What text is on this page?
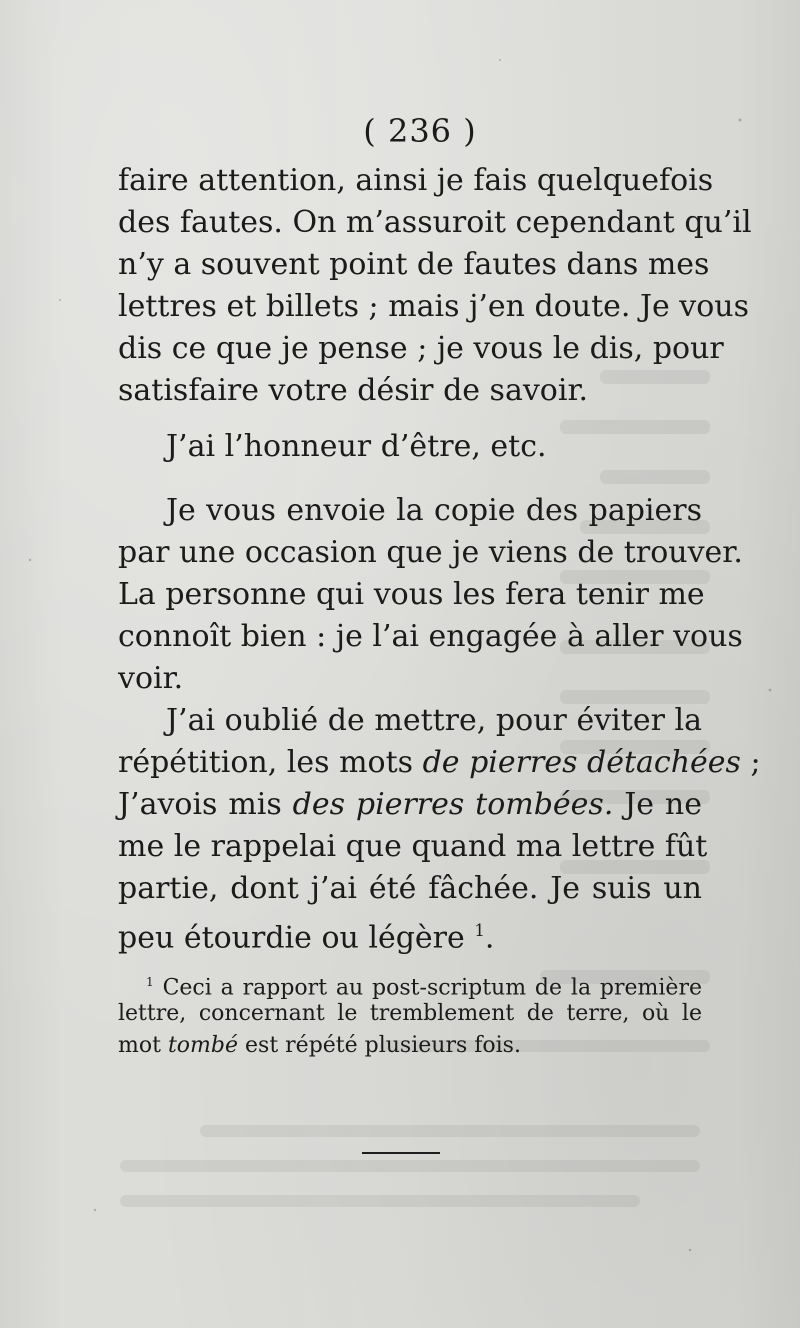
( 236 )
faire attention, ainsi je fais quelquefois
des fautes. On m’assuroit cependant qu’il
n’y a souvent point de fautes dans mes
lettres et billets ; mais j’en doute. Je vous
dis ce que je pense ; je vous le dis, pour
satisfaire votre désir de savoir.
J’ai l’honneur d’être, etc.
Je vous envoie la copie des papiers
par une occasion que je viens de trouver.
La personne qui vous les fera tenir me
connoît bien : je l’ai engagée à aller vous
voir.
J’ai oublié de mettre, pour éviter la
répétition, les mots de pierres détachées ;
J’avois mis des pierres tombées. Je ne
me le rappelai que quand ma lettre fût
partie, dont j’ai été fâchée. Je suis un
peu étourdie ou légère $^1$.
$^1$ Ceci a rapport au post-scriptum de la première
lettre, concernant le tremblement de terre, où le
mot tombé est répété plusieurs fois.
